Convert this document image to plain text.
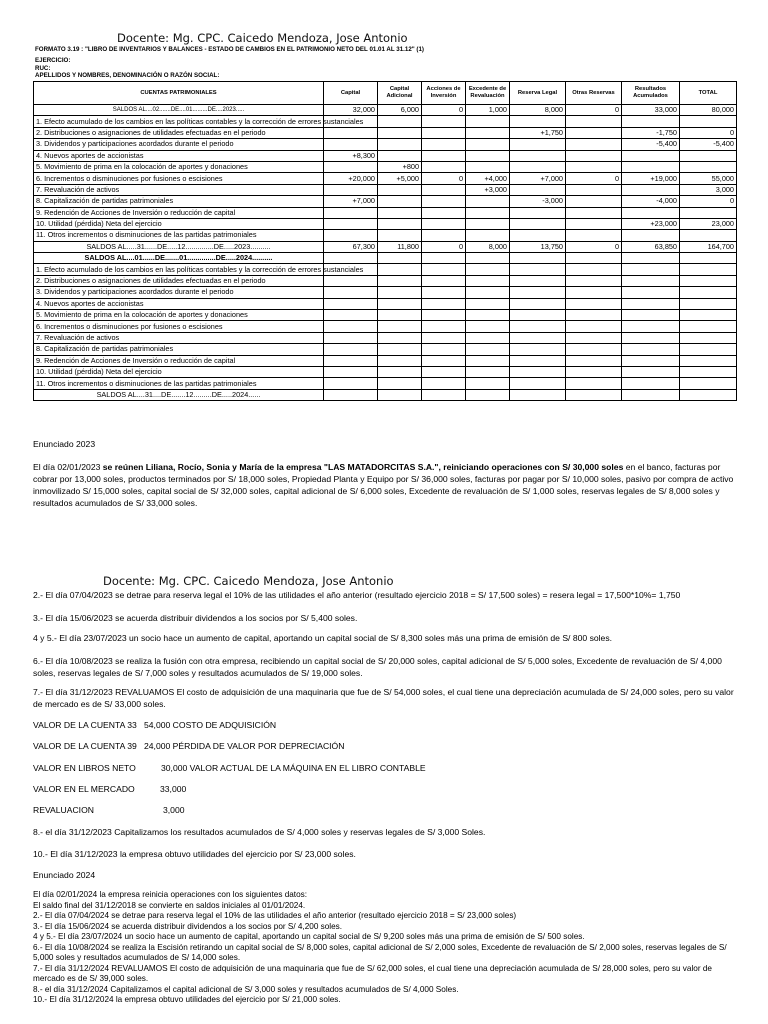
Docente: Mg. CPC. Caicedo Mendoza, Jose Antonio
FORMATO 3.19 : "LIBRO DE INVENTARIOS Y BALANCES - ESTADO DE CAMBIOS EN EL PATRIMONIO NETO DEL 01.01 AL 31.12" (1)
EJERCICIO:
RUC:
APELLIDOS Y NOMBRES, DENOMINACIÓN O RAZÓN SOCIAL:
CUENTAS PATRIMONIALES	Capital	Capital Adicional	Acciones de Inversión	Excedente de Revaluación	Reserva Legal	Otras Reservas	Resultados Acumulados	TOTAL
SALDOS AL....02.......DE....01.........DE....2023.....	32,000	6,000	0	1,000	8,000	0	33,000	80,000
1. Efecto acumulado de los cambios en las políticas contables y la corrección de errores sustanciales								
2. Distribuciones o asignaciones de utilidades efectuadas en el periodo					+1,750		-1,750	0
3. Dividendos y participaciones acordados durante el periodo							-5,400	-5,400
4. Nuevos aportes de accionistas	+8,300							
5. Movimiento de prima en la colocación de aportes y donaciones		+800						
6. Incrementos o disminuciones por fusiones o escisiones	+20,000	+5,000	0	+4,000	+7,000	0	+19,000	55,000
7. Revaluación de activos				+3,000				3,000
8. Capitalización de partidas patrimoniales	+7,000				-3,000		-4,000	0
9. Redención de Acciones de Inversión o reducción de capital								
10. Utilidad (pérdida) Neta del ejercicio							+23,000	23,000
11. Otros incrementos o disminuciones de las partidas patrimoniales								
SALDOS AL.....31......DE.....12..............DE.....2023..........	67,300	11,800	0	8,000	13,750	0	63,850	164,700
SALDOS AL....01......DE.......01..............DE.....2024..........								
1. Efecto acumulado de los cambios en las políticas contables y la corrección de errores sustanciales								
2. Distribuciones o asignaciones de utilidades efectuadas en el periodo								
3. Dividendos y participaciones acordados durante el periodo								
4. Nuevos aportes de accionistas								
5. Movimiento de prima en la colocación de aportes y donaciones								
6. Incrementos o disminuciones por fusiones o escisiones								
7. Revaluación de activos								
8. Capitalización de partidas patrimoniales								
9. Redención de Acciones de Inversión o reducción de capital								
10. Utilidad (pérdida) Neta del ejercicio								
11. Otros incrementos o disminuciones de las partidas patrimoniales								
SALDOS AL....31....DE.......12.........DE.....2024......								
Enunciado 2023
El día 02/01/2023 se reúnen Liliana, Rocío, Sonia y María de la empresa "LAS MATADORCITAS S.A.", reiniciando operaciones con S/ 30,000 soles en el banco, facturas por cobrar por 13,000 soles, productos terminados por S/ 18,000 soles, Propiedad Planta y Equipo por S/ 36,000 soles, facturas por pagar por S/ 10,000 soles, pasivo por compra de activo inmovilizado S/ 15,000 soles, capital social de S/ 32,000 soles, capital adicional de S/ 6,000 soles, Excedente de revaluación de S/ 1,000 soles, reservas legales de S/ 8,000 soles y resultados acumulados de S/ 33,000 soles.
Docente: Mg. CPC. Caicedo Mendoza, Jose Antonio
2.- El día 07/04/2023 se detrae para reserva legal el 10% de las utilidades el año anterior (resultado ejercicio 2018 = S/ 17,500 soles) = resera legal = 17,500*10%= 1,750
3.- El día 15/06/2023 se acuerda distribuir dividendos a los socios por S/ 5,400 soles.
4 y 5.- El día 23/07/2023 un socio hace un aumento de capital, aportando un capital social de S/ 8,300 soles más una prima de emisión de S/ 800 soles.
6.- El día 10/08/2023 se realiza la fusión con otra empresa, recibiendo un capital social de S/ 20,000 soles, capital adicional de S/ 5,000 soles, Excedente de revaluación de S/ 4,000 soles, reservas legales de S/ 7,000 soles y resultados acumulados de S/ 19,000 soles.
7.- El día 31/12/2023 REVALUAMOS El costo de adquisición de una maquinaria que fue de S/ 54,000 soles, el cual tiene una depreciación acumulada de S/ 24,000 soles, pero su valor de mercado es de S/ 33,000 soles.
VALOR DE LA CUENTA 33 54,000 COSTO DE ADQUISICIÓN
VALOR DE LA CUENTA 39 24,000 PÉRDIDA DE VALOR POR DEPRECIACIÓN
VALOR EN LIBROS NETO	30,000 VALOR ACTUAL DE LA MÁQUINA EN EL LIBRO CONTABLE
VALOR EN EL MERCADO	33,000
REVALUACION	3,000
8.- el día 31/12/2023 Capitalizamos los resultados acumulados de S/ 4,000 soles y reservas legales de S/ 3,000 Soles.
10.- El día 31/12/2023 la empresa obtuvo utilidades del ejercicio por S/ 23,000 soles.
Enunciado 2024
El día 02/01/2024 la empresa reinicia operaciones con los siguientes datos:
El saldo final del 31/12/2018 se convierte en saldos iniciales al 01/01/2024.
2.- El día 07/04/2024 se detrae para reserva legal el 10% de las utilidades el año anterior (resultado ejercicio 2018 = S/ 23,000 soles)
3.- El día 15/06/2024 se acuerda distribuir dividendos a los socios por S/ 4,200 soles.
4 y 5.- El día 23/07/2024 un socio hace un aumento de capital, aportando un capital social de S/ 9,200 soles más una prima de emisión de S/ 500 soles.
6.- El día 10/08/2024 se realiza la Escisión retirando un capital social de S/ 8,000 soles, capital adicional de S/ 2,000 soles, Excedente de revaluación de S/ 2,000 soles, reservas legales de S/ 5,000 soles y resultados acumulados de S/ 14,000 soles.
7.- El día 31/12/2024 REVALUAMOS El costo de adquisición de una maquinaria que fue de S/ 62,000 soles, el cual tiene una depreciación acumulada de S/ 28,000 soles, pero su valor de mercado es de S/ 39,000 soles.
8.- el día 31/12/2024 Capitalizamos el capital adicional de S/ 3,000 soles y resultados acumulados de S/ 4,000 Soles.
10.- El día 31/12/2024 la empresa obtuvo utilidades del ejercicio por S/ 21,000 soles.
